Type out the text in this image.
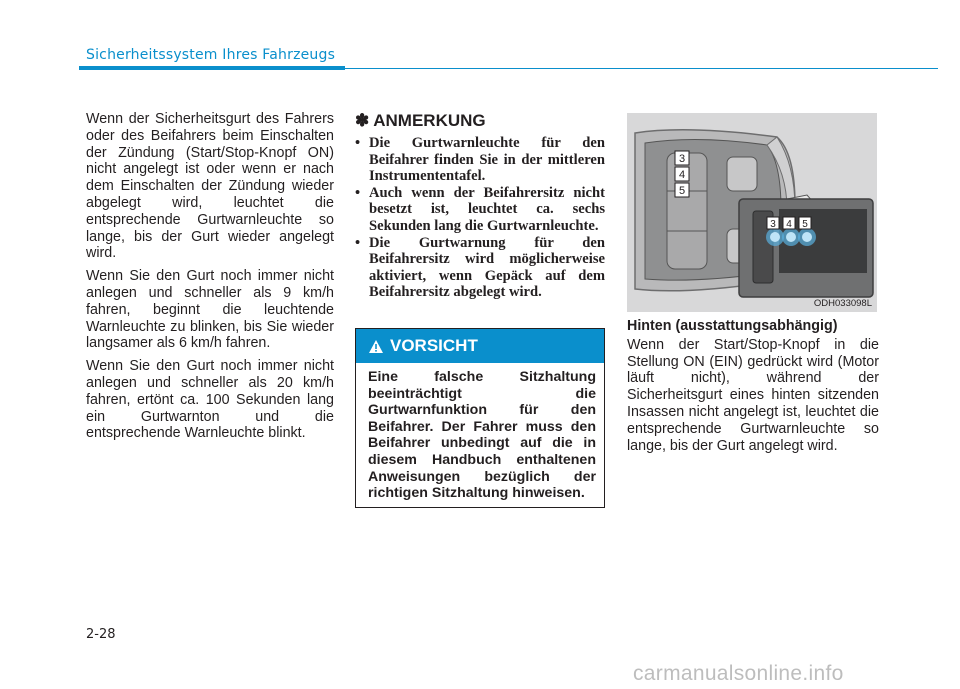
Sicherheitssystem Ihres Fahrzeugs

Wenn der Sicherheitsgurt des Fahrers oder des Beifahrers beim Einschalten der Zündung (Start/Stop-Knopf ON) nicht angelegt ist oder wenn er nach dem Einschalten der Zündung wieder abgelegt wird, leuchtet die entsprechende Gurtwarnleuchte so lange, bis der Gurt wieder angelegt wird.

Wenn Sie den Gurt noch immer nicht anlegen und schneller als 9 km/h fahren, beginnt die leuchtende Warnleuchte zu blinken, bis Sie wieder langsamer als 6 km/h fahren.

Wenn Sie den Gurt noch immer nicht anlegen und schneller als 20 km/h fahren, ertönt ca. 100 Sekunden lang ein Gurtwarnton und die entsprechende Warnleuchte blinkt.

✽ ANMERKUNG
• Die Gurtwarnleuchte für den Beifahrer finden Sie in der mittleren Instrumententafel.
• Auch wenn der Beifahrersitz nicht besetzt ist, leuchtet ca. sechs Sekunden lang die Gurtwarnleuchte.
• Die Gurtwarnung für den Beifahrersitz wird möglicherweise aktiviert, wenn Gepäck auf dem Beifahrersitz abgelegt wird.
VORSICHT
Eine falsche Sitzhaltung beeinträchtigt die Gurtwarnfunktion für den Beifahrer. Der Fahrer muss den Beifahrer unbedingt auf die in diesem Handbuch enthaltenen Anweisungen bezüglich der richtigen Sitzhaltung hinweisen.
3
4
5
3 4 5
ODH033098L
Hinten (ausstattungsabhängig)

Wenn der Start/Stop-Knopf in die Stellung ON (EIN) gedrückt wird (Motor läuft nicht), während der Sicherheitsgurt eines hinten sitzenden Insassen nicht angelegt ist, leuchtet die entsprechende Gurtwarnleuchte so lange, bis der Gurt angelegt wird.

2-28
carmanualsonline.info
